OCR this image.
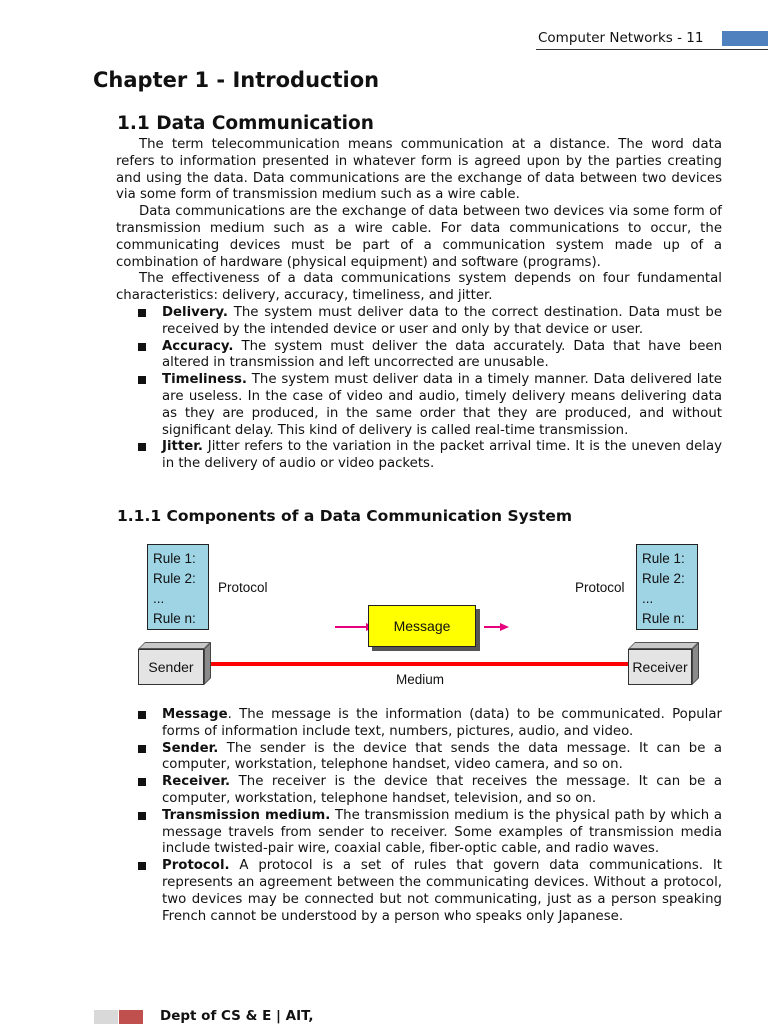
Computer Networks - 11
Chapter 1 - Introduction
1.1 Data Communication

The term telecommunication means communication at a distance. The word data refers to information presented in whatever form is agreed upon by the parties creating and using the data. Data communications are the exchange of data between two devices via some form of transmission medium such as a wire cable.

Data communications are the exchange of data between two devices via some form of transmission medium such as a wire cable. For data communications to occur, the communicating devices must be part of a communication system made up of a combination of hardware (physical equipment) and software (programs).

The effectiveness of a data communications system depends on four fundamental characteristics: delivery, accuracy, timeliness, and jitter.

Delivery. The system must deliver data to the correct destination. Data must be received by the intended device or user and only by that device or user.
Accuracy. The system must deliver the data accurately. Data that have been altered in transmission and left uncorrected are unusable.
Timeliness. The system must deliver data in a timely manner. Data delivered late are useless. In the case of video and audio, timely delivery means delivering data as they are produced, in the same order that they are produced, and without significant delay. This kind of delivery is called real-time transmission.
Jitter. Jitter refers to the variation in the packet arrival time. It is the uneven delay in the delivery of audio or video packets.
1.1.1 Components of a Data Communication System
Rule 1:
Rule 2:
...
Rule n:
Rule 1:
Rule 2:
...
Rule n:
Protocol	Protocol
Message
Sender	Receiver
Medium
Message. The message is the information (data) to be communicated. Popular forms of information include text, numbers, pictures, audio, and video.
Sender. The sender is the device that sends the data message. It can be a computer, workstation, telephone handset, video camera, and so on.
Receiver. The receiver is the device that receives the message. It can be a computer, workstation, telephone handset, television, and so on.
Transmission medium. The transmission medium is the physical path by which a message travels from sender to receiver. Some examples of transmission media include twisted-pair wire, coaxial cable, fiber-optic cable, and radio waves.
Protocol. A protocol is a set of rules that govern data communications. It represents an agreement between the communicating devices. Without a protocol, two devices may be connected but not communicating, just as a person speaking French cannot be understood by a person who speaks only Japanese.
Dept of CS & E | AIT,
